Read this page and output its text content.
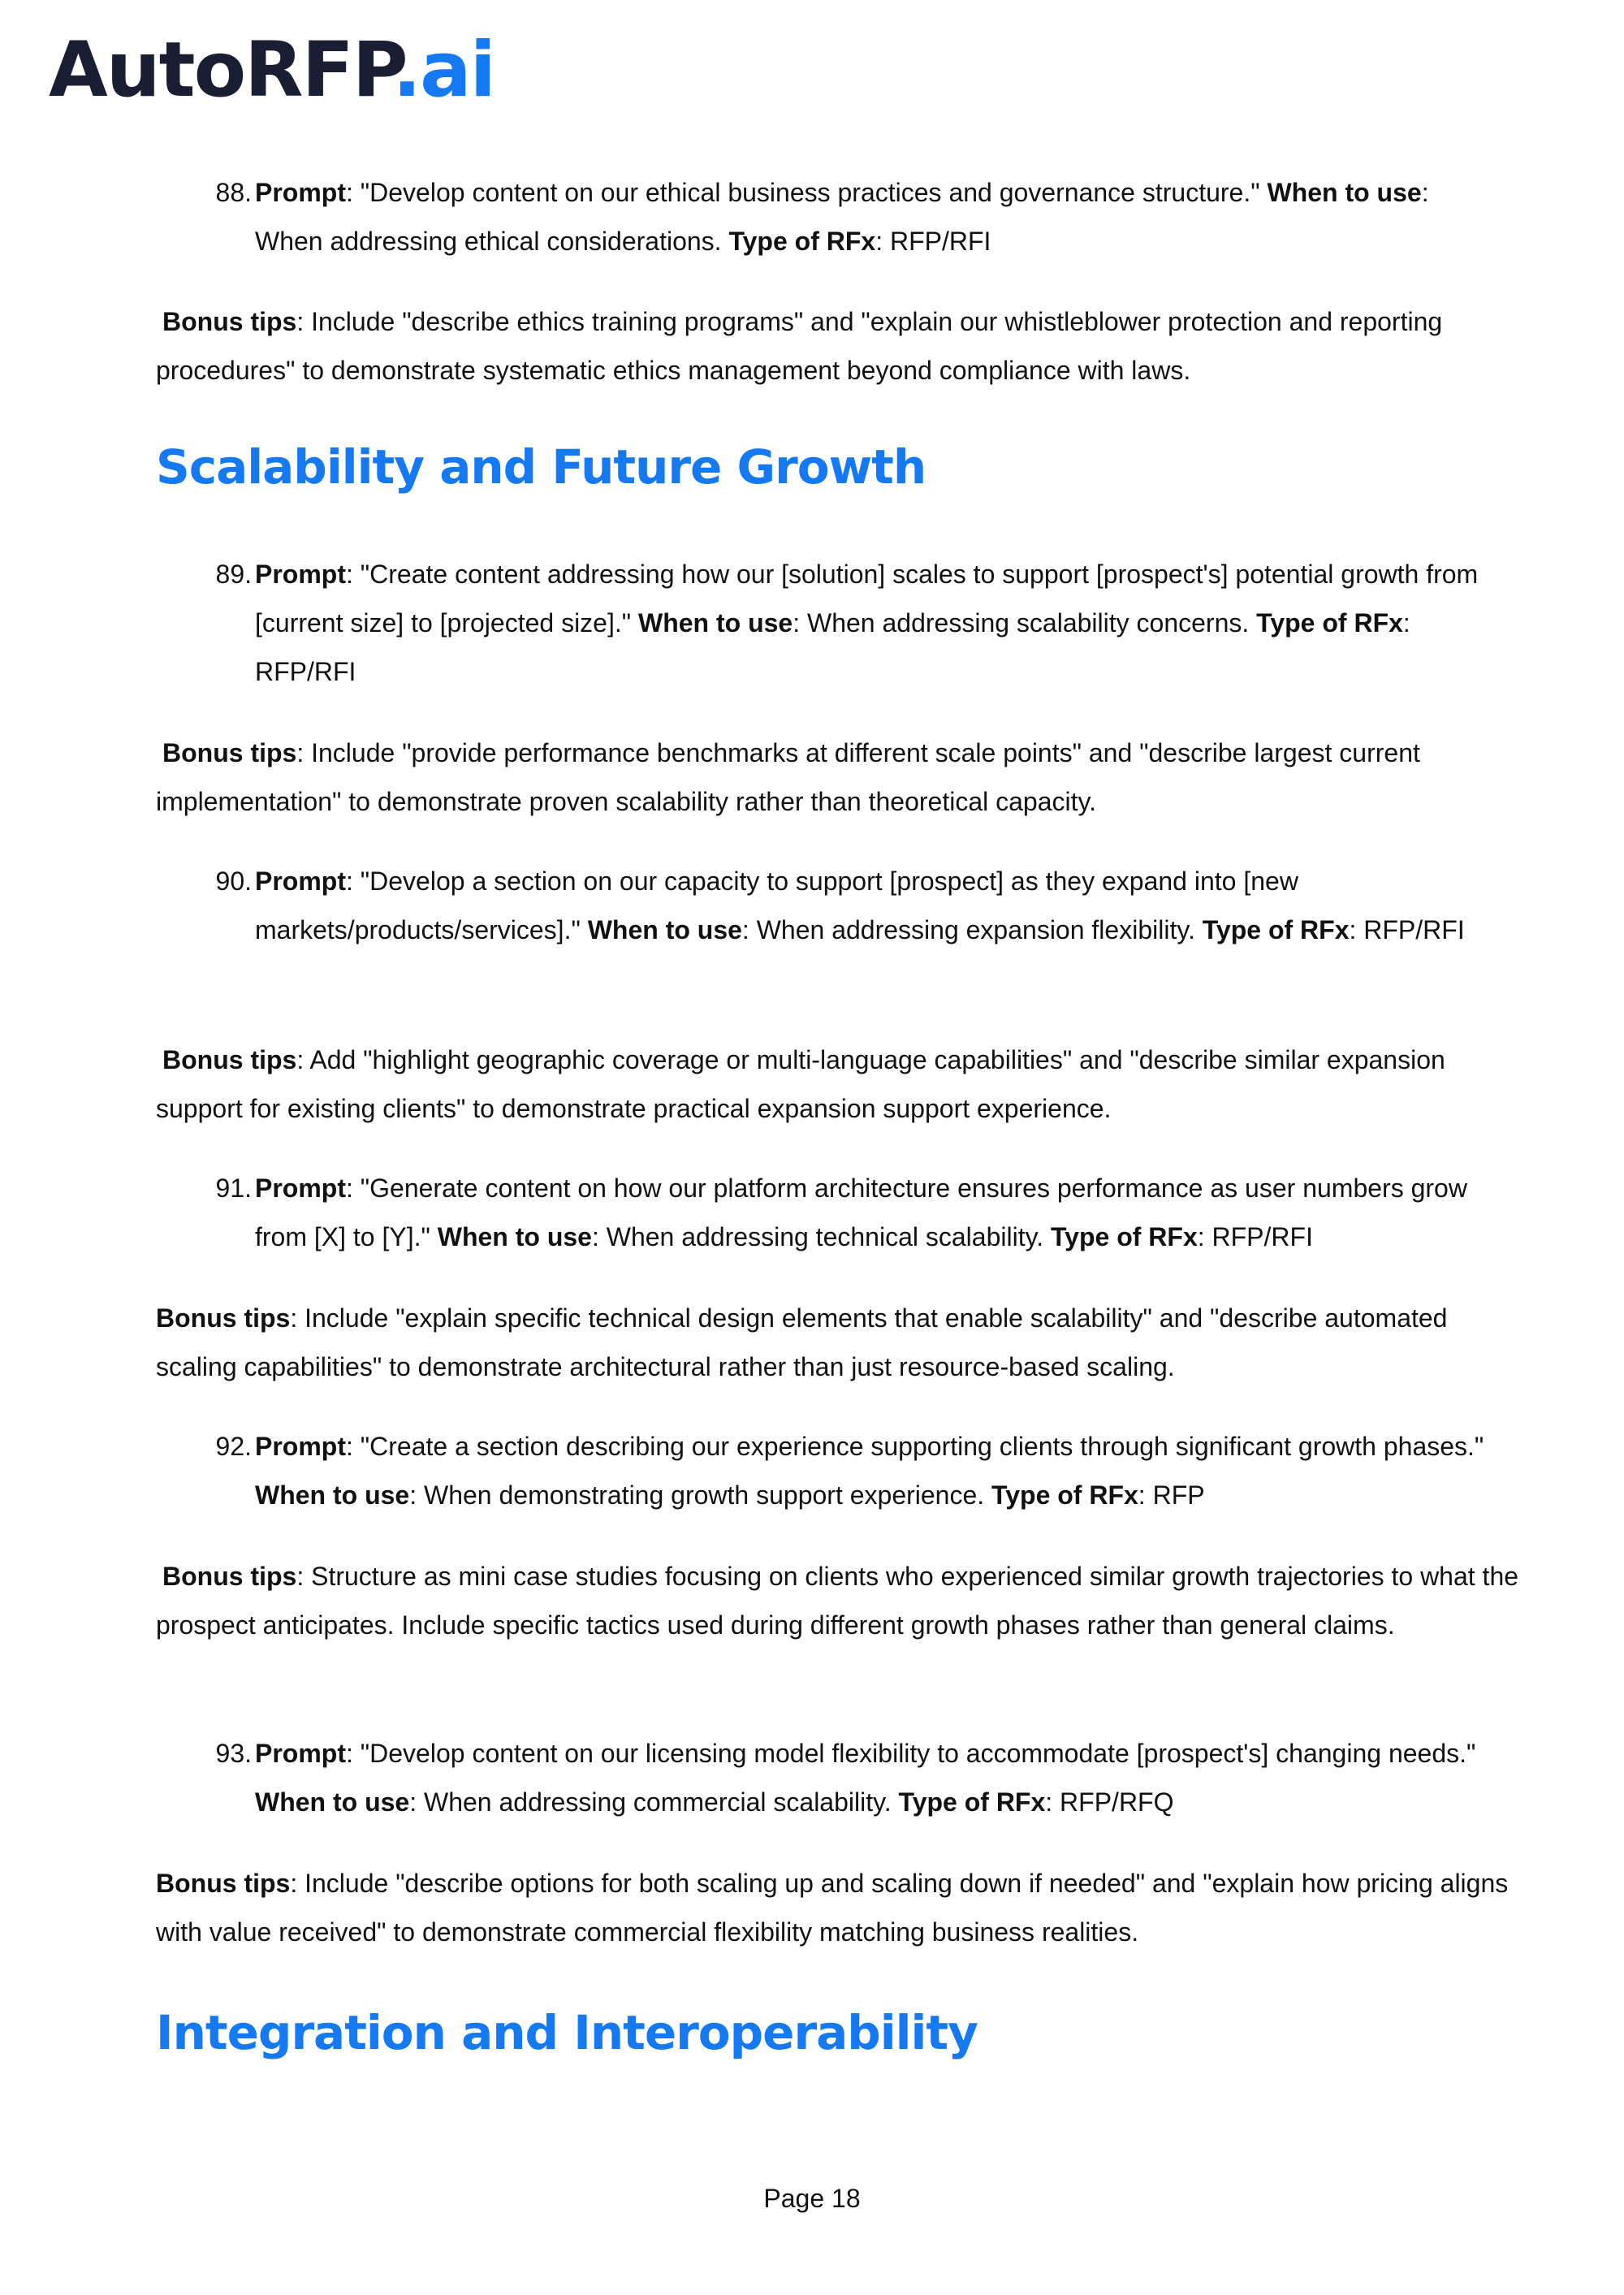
AutoRFP.ai
88. Prompt: "Develop content on our ethical business practices and governance structure." When to use: When addressing ethical considerations. Type of RFx: RFP/RFI
Bonus tips: Include "describe ethics training programs" and "explain our whistleblower protection and reporting procedures" to demonstrate systematic ethics management beyond compliance with laws.
Scalability and Future Growth
89. Prompt: "Create content addressing how our [solution] scales to support [prospect's] potential growth from [current size] to [projected size]." When to use: When addressing scalability concerns. Type of RFx: RFP/RFI
Bonus tips: Include "provide performance benchmarks at different scale points" and "describe largest current implementation" to demonstrate proven scalability rather than theoretical capacity.
90. Prompt: "Develop a section on our capacity to support [prospect] as they expand into [new markets/products/services]." When to use: When addressing expansion flexibility. Type of RFx: RFP/RFI
Bonus tips: Add "highlight geographic coverage or multi-language capabilities" and "describe similar expansion support for existing clients" to demonstrate practical expansion support experience.
91. Prompt: "Generate content on how our platform architecture ensures performance as user numbers grow from [X] to [Y]." When to use: When addressing technical scalability. Type of RFx: RFP/RFI
Bonus tips: Include "explain specific technical design elements that enable scalability" and "describe automated scaling capabilities" to demonstrate architectural rather than just resource-based scaling.
92. Prompt: "Create a section describing our experience supporting clients through significant growth phases." When to use: When demonstrating growth support experience. Type of RFx: RFP
Bonus tips: Structure as mini case studies focusing on clients who experienced similar growth trajectories to what the prospect anticipates. Include specific tactics used during different growth phases rather than general claims.
93. Prompt: "Develop content on our licensing model flexibility to accommodate [prospect's] changing needs." When to use: When addressing commercial scalability. Type of RFx: RFP/RFQ
Bonus tips: Include "describe options for both scaling up and scaling down if needed" and "explain how pricing aligns with value received" to demonstrate commercial flexibility matching business realities.
Integration and Interoperability
Page 18
